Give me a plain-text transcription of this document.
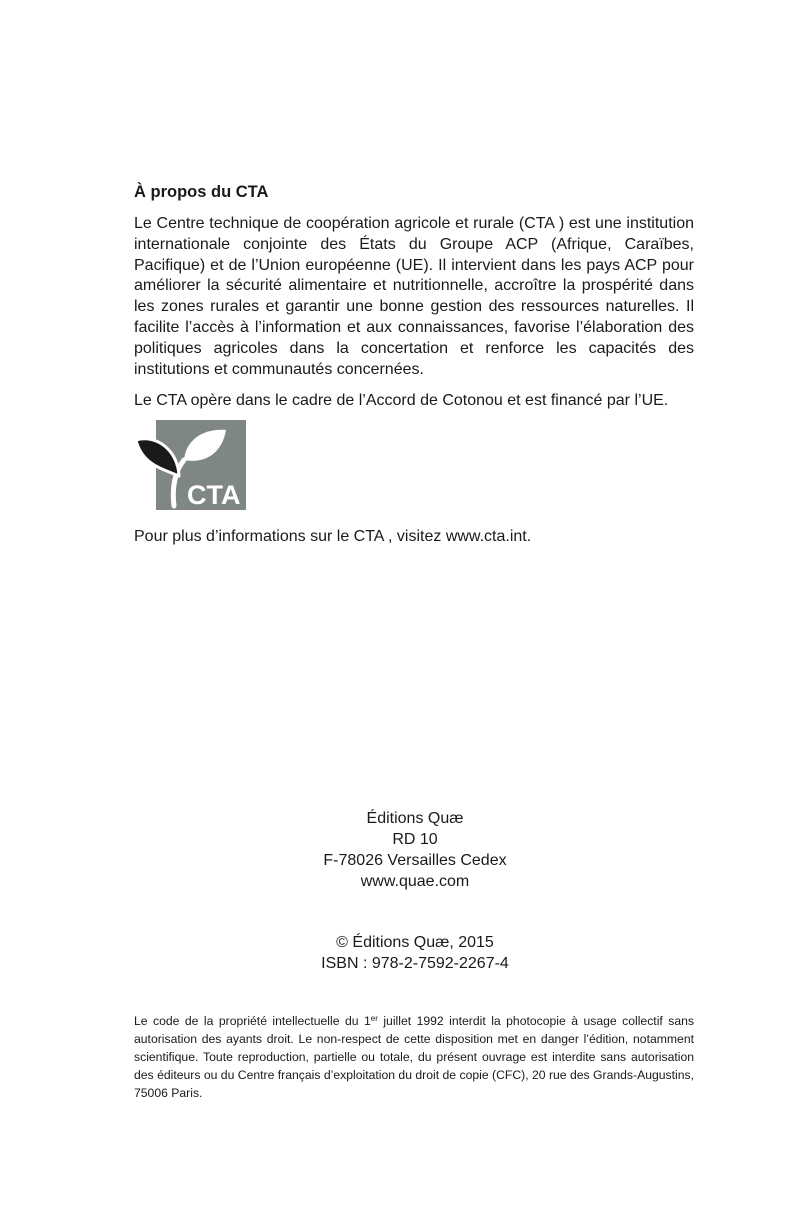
À propos du CTA

Le Centre technique de coopération agricole et rurale (CTA ) est une institution internationale conjointe des États du Groupe ACP (Afrique, Caraïbes, Pacifique) et de l’Union européenne (UE). Il intervient dans les pays ACP pour améliorer la sécurité alimentaire et nutritionnelle, accroître la prospérité dans les zones rurales et garantir une bonne gestion des ressources naturelles. Il facilite l’accès à l’information et aux connaissances, favorise l’élaboration des politiques agricoles dans la concertation et renforce les capacités des institutions et communautés concernées.

Le CTA opère dans le cadre de l’Accord de Cotonou et est financé par l’UE.

CTA

Pour plus d’informations sur le CTA , visitez www.cta.int.

Éditions Quæ
RD 10
F-78026 Versailles Cedex
www.quae.com
© Éditions Quæ, 2015
ISBN : 978-2-7592-2267-4

Le code de la propriété intellectuelle du 1er juillet 1992 interdit la photocopie à usage collectif sans autorisation des ayants droit. Le non-respect de cette disposition met en danger l’édition, notamment scientifique. Toute reproduction, partielle ou totale, du présent ouvrage est interdite sans autorisation des éditeurs ou du Centre français d’exploitation du droit de copie (CFC), 20 rue des Grands-Augustins, 75006 Paris.
